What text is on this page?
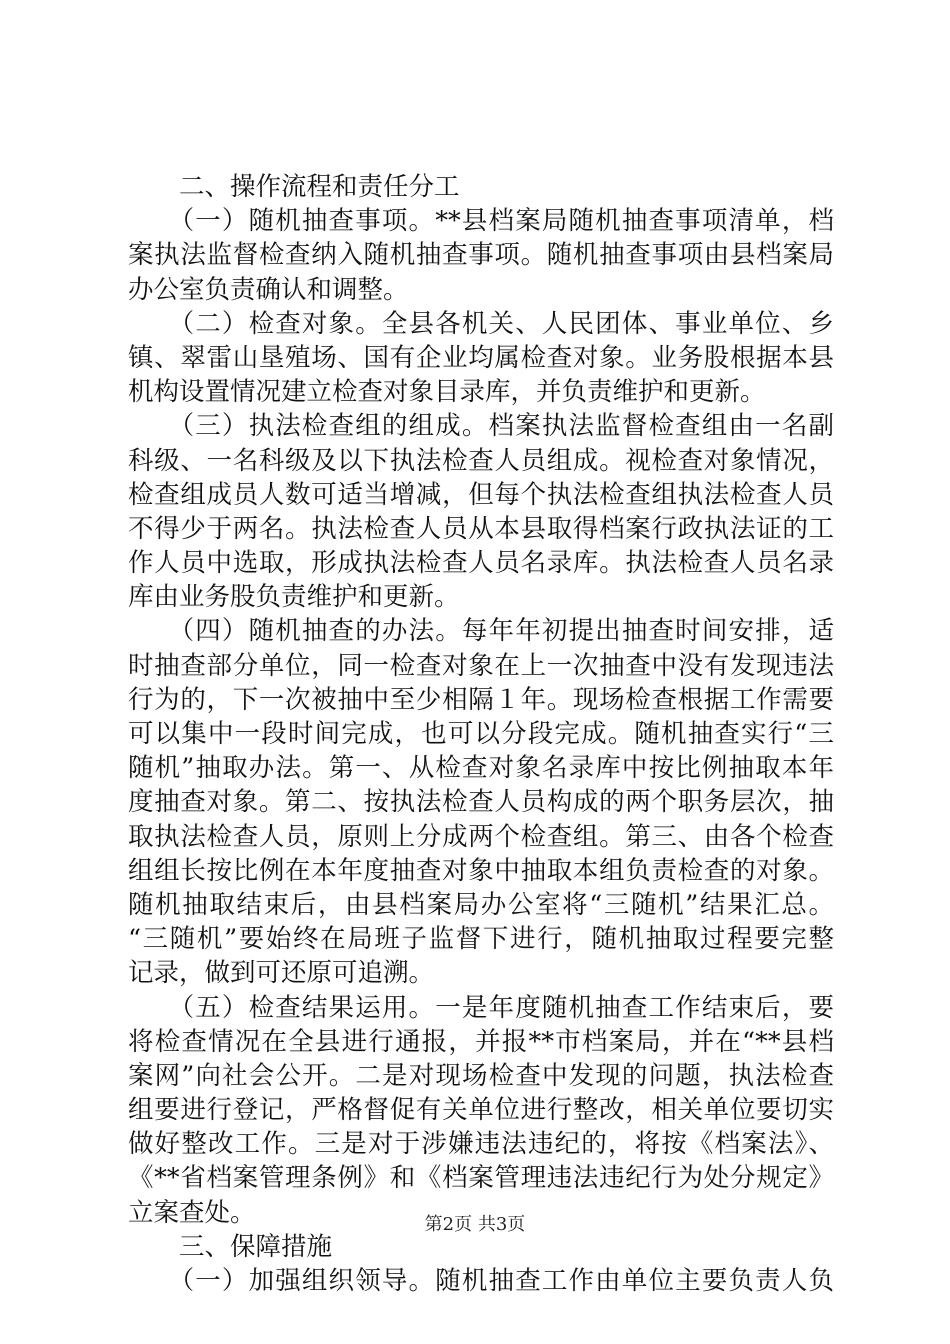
　　二、操作流程和责任分工
　　（一）随机抽查事项。**县档案局随机抽查事项清单，档
案执法监督检查纳入随机抽查事项。随机抽查事项由县档案局
办公室负责确认和调整。
　　（二）检查对象。全县各机关、人民团体、事业单位、乡
镇、翠雷山垦殖场、国有企业均属检查对象。业务股根据本县
机构设置情况建立检查对象目录库，并负责维护和更新。
　　（三）执法检查组的组成。档案执法监督检查组由一名副
科级、一名科级及以下执法检查人员组成。视检查对象情况，
检查组成员人数可适当增减，但每个执法检查组执法检查人员
不得少于两名。执法检查人员从本县取得档案行政执法证的工
作人员中选取，形成执法检查人员名录库。执法检查人员名录
库由业务股负责维护和更新。
　　（四）随机抽查的办法。每年年初提出抽查时间安排，适
时抽查部分单位，同一检查对象在上一次抽查中没有发现违法
行为的，下一次被抽中至少相隔１年。现场检查根据工作需要
可以集中一段时间完成，也可以分段完成。随机抽查实行“三
随机”抽取办法。第一、从检查对象名录库中按比例抽取本年
度抽查对象。第二、按执法检查人员构成的两个职务层次，抽
取执法检查人员，原则上分成两个检查组。第三、由各个检查
组组长按比例在本年度抽查对象中抽取本组负责检查的对象。
随机抽取结束后，由县档案局办公室将“三随机”结果汇总。
“三随机”要始终在局班子监督下进行，随机抽取过程要完整
记录，做到可还原可追溯。
　　（五）检查结果运用。一是年度随机抽查工作结束后，要
将检查情况在全县进行通报，并报**市档案局，并在“**县档
案网”向社会公开。二是对现场检查中发现的问题，执法检查
组要进行登记，严格督促有关单位进行整改，相关单位要切实
做好整改工作。三是对于涉嫌违法违纪的，将按《档案法》、
《**省档案管理条例》和《档案管理违法违纪行为处分规定》
立案查处。
　　三、保障措施
　　（一）加强组织领导。随机抽查工作由单位主要负责人负
第2页 共3页
